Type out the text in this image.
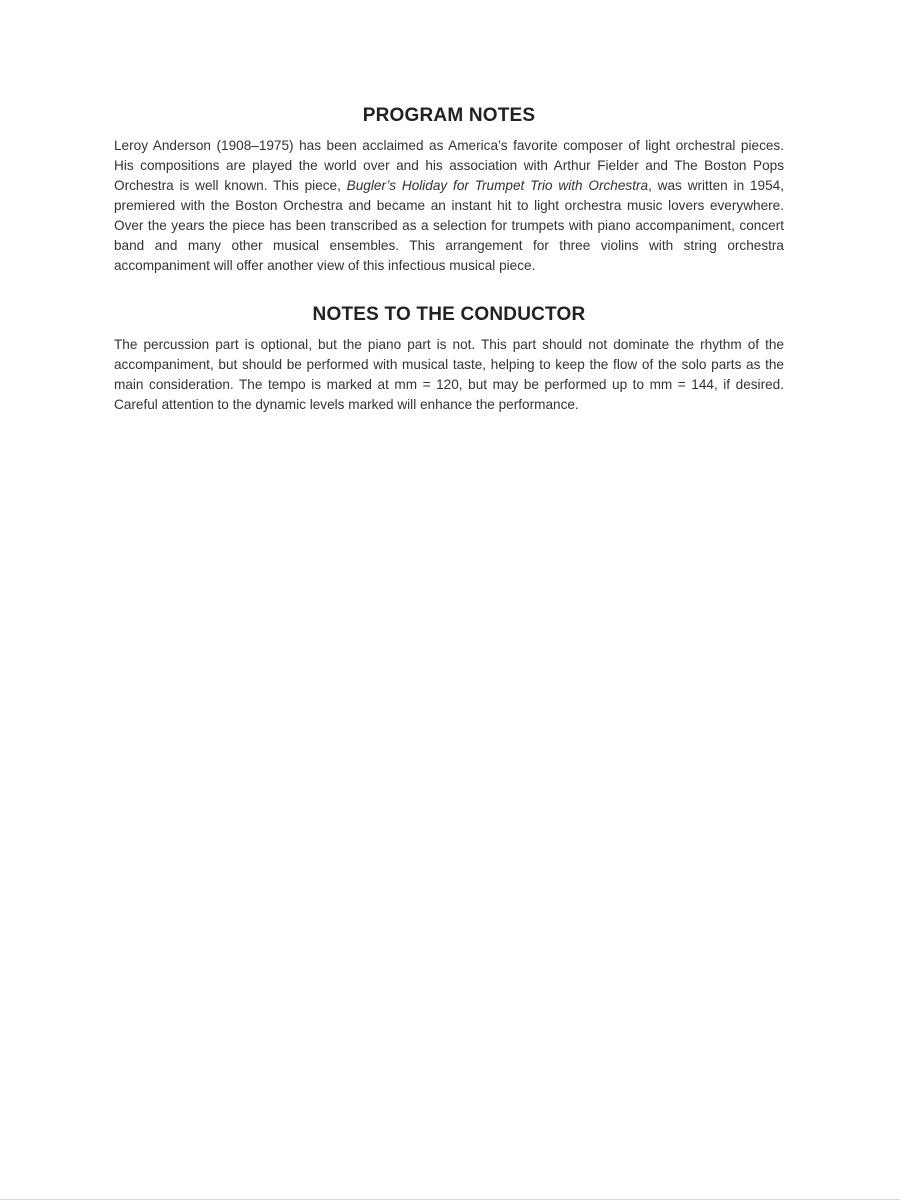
PROGRAM NOTES

Leroy Anderson (1908–1975) has been acclaimed as America’s favorite composer of light orchestral pieces. His compositions are played the world over and his association with Arthur Fielder and The Boston Pops Orchestra is well known. This piece, Bugler’s Holiday for Trumpet Trio with Orchestra, was written in 1954, premiered with the Boston Orchestra and became an instant hit to light orchestra music lovers everywhere. Over the years the piece has been transcribed as a selection for trumpets with piano accompaniment, concert band and many other musical ensembles. This arrangement for three violins with string orchestra accompaniment will offer another view of this infectious musical piece.

NOTES TO THE CONDUCTOR

The percussion part is optional, but the piano part is not. This part should not dominate the rhythm of the accompaniment, but should be performed with musical taste, helping to keep the flow of the solo parts as the main consideration. The tempo is marked at mm = 120, but may be performed up to mm = 144, if desired. Careful attention to the dynamic levels marked will enhance the performance.
